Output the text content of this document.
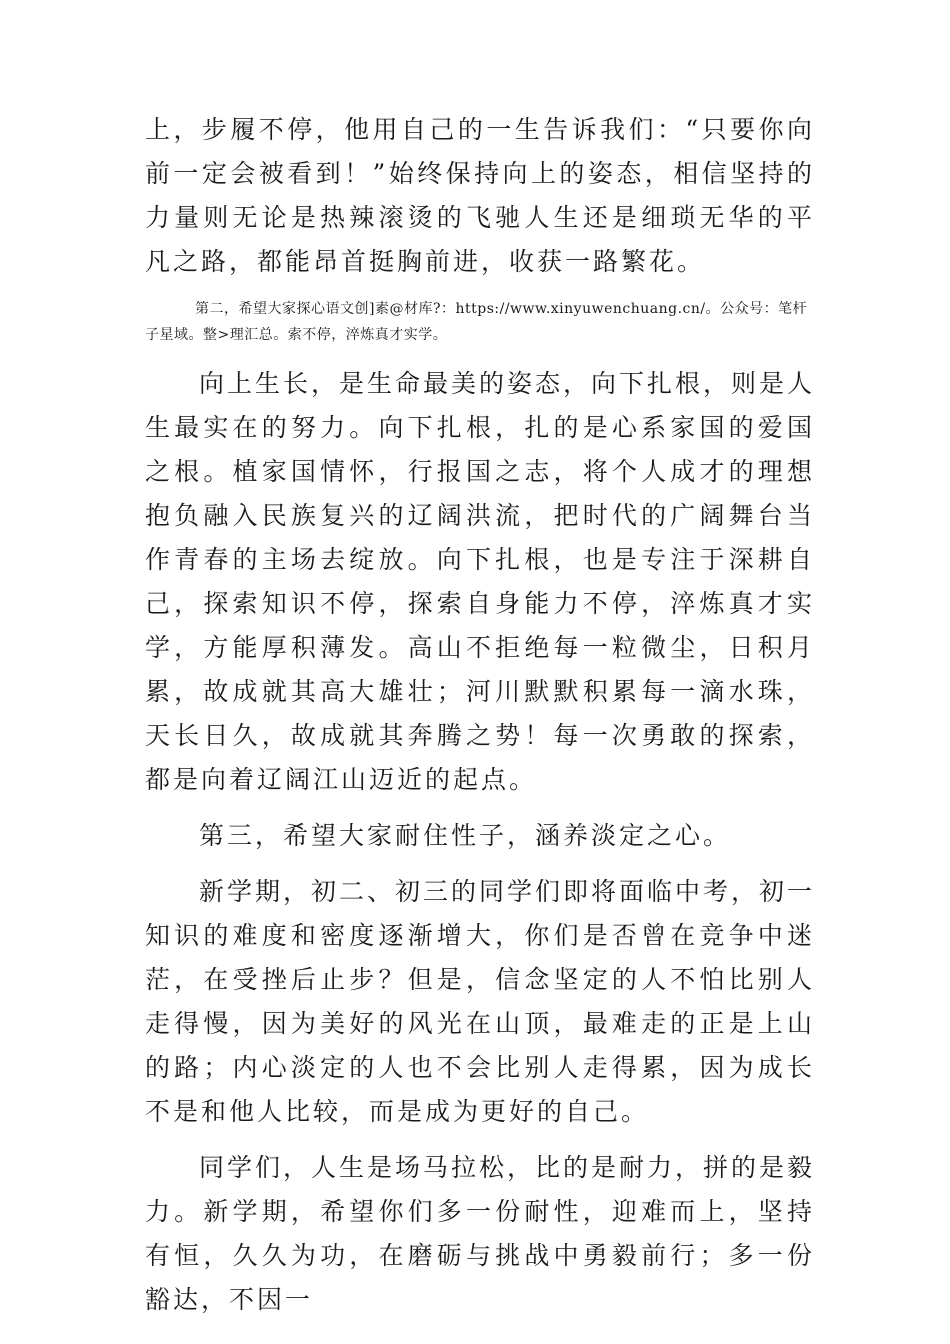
上，步履不停，他用自己的一生告诉我们：“只要你向前一定会被看到！”始终保持向上的姿态，相信坚持的力量则无论是热辣滚烫的飞驰人生还是细琐无华的平凡之路，都能昂首挺胸前进，收获一路繁花。

第二，希望大家探心语文创]素@材库?：https://www.xinyuwenchuang.cn/。公众号：笔杆子星域。整>理汇总。索不停，淬炼真才实学。

向上生长，是生命最美的姿态，向下扎根，则是人生最实在的努力。向下扎根，扎的是心系家国的爱国之根。植家国情怀，行报国之志，将个人成才的理想抱负融入民族复兴的辽阔洪流，把时代的广阔舞台当作青春的主场去绽放。向下扎根，也是专注于深耕自己，探索知识不停，探索自身能力不停，淬炼真才实学，方能厚积薄发。高山不拒绝每一粒微尘，日积月累，故成就其高大雄壮；河川默默积累每一滴水珠，天长日久，故成就其奔腾之势！每一次勇敢的探索，都是向着辽阔江山迈近的起点。

第三，希望大家耐住性子，涵养淡定之心。

新学期，初二、初三的同学们即将面临中考，初一知识的难度和密度逐渐增大，你们是否曾在竞争中迷茫，在受挫后止步？但是，信念坚定的人不怕比别人走得慢，因为美好的风光在山顶，最难走的正是上山的路；内心淡定的人也不会比别人走得累，因为成长不是和他人比较，而是成为更好的自己。

同学们，人生是场马拉松，比的是耐力，拼的是毅力。新学期，希望你们多一份耐性，迎难而上，坚持有恒，久久为功，在磨砺与挑战中勇毅前行；多一份豁达，不因一
